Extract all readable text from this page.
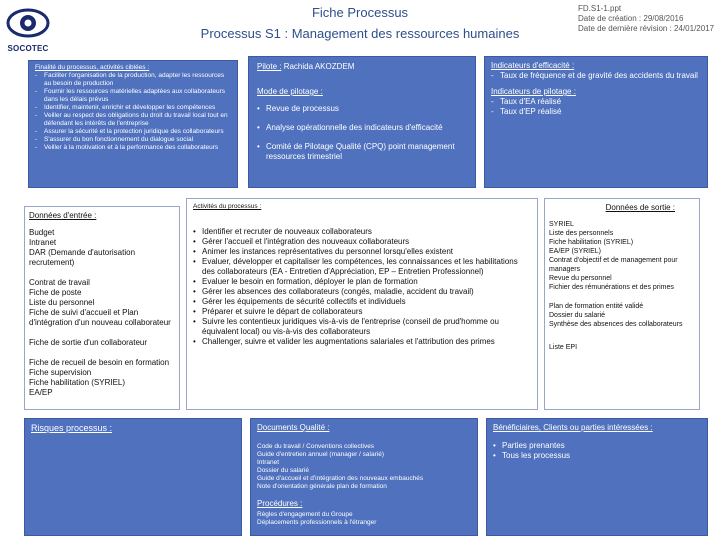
SOCOTEC
Fiche Processus
Processus S1 : Management des ressources humaines
FD.S1-1.ppt
Date de création : 29/08/2016
Date de dernière révision : 24/01/2017
Finalité du processus, activités ciblées :
- Faciliter l'organisation de la production, adapter les ressources au besoin de production
- Fournir les ressources matérielles adaptées aux collaborateurs dans les délais prévus
- Identifier, maintenir, enrichir et développer les compétences
- Veiller au respect des obligations du droit du travail local tout en défendant les intérêts de l'entreprise
- Assurer la sécurité et la protection juridique des collaborateurs
- S'assurer du bon fonctionnement du dialogue social
- Veiller à la motivation et à la performance des collaborateurs
Pilote : Rachida AKOZDEM
Mode de pilotage :
• Revue de processus
• Analyse opérationnelle des indicateurs d'efficacité
• Comité de Pilotage Qualité (CPQ) point management ressources trimestriel
Indicateurs d'efficacité :
- Taux de fréquence et de gravité des accidents du travail
Indicateurs de pilotage :
- Taux d'EA réalisé
- Taux d'EP réalisé
Données d'entrée :
Budget
Intranet
DAR (Demande d'autorisation recrutement)
Contrat de travail
Fiche de poste
Liste du personnel
Fiche de suivi d'accueil et Plan d'intégration d'un nouveau collaborateur
Fiche de sortie d'un collaborateur
Fiche de recueil de besoin en formation
Fiche supervision
Fiche habilitation (SYRIEL)
EA/EP
Activités du processus :
• Identifier et recruter de nouveaux collaborateurs
• Gérer l'accueil et l'intégration des nouveaux collaborateurs
• Animer les instances représentatives du personnel lorsqu'elles existent
• Evaluer, développer et capitaliser les compétences, les connaissances et les habilitations des collaborateurs (EA - Entretien d'Appréciation, EP – Entretien Professionnel)
• Evaluer le besoin en formation, déployer le plan de formation
• Gérer les absences des collaborateurs (congés, maladie, accident du travail)
• Gérer les équipements de sécurité collectifs et individuels
• Préparer et suivre le départ de collaborateurs
• Suivre les contentieux juridiques vis-à-vis de l'entreprise (conseil de prud'homme ou équivalent local) ou vis-à-vis des collaborateurs
• Challenger, suivre et valider les augmentations salariales et l'attribution des primes
Données de sortie :
SYRIEL
Liste des personnels
Fiche habilitation (SYRIEL)
EA/EP (SYRIEL)
Contrat d'objectif et de management pour managers
Revue du personnel
Fichier des rémunérations et des primes
Plan de formation entité validé
Dossier du salarié
Synthèse des absences des collaborateurs
Liste EPI
Risques processus :	Documents Qualité :
Code du travail / Conventions collectives
Guide d'entretien annuel (manager / salarié)
Intranet
Dossier du salarié
Guide d'accueil et d'intégration des nouveaux embauchés
Note d'orientation générale plan de formation
Procédures :
Règles d'engagement du Groupe
Déplacements professionnels à l'étranger
Bénéficiaires, Clients ou parties intéressées :
• Parties prenantes
• Tous les processus
